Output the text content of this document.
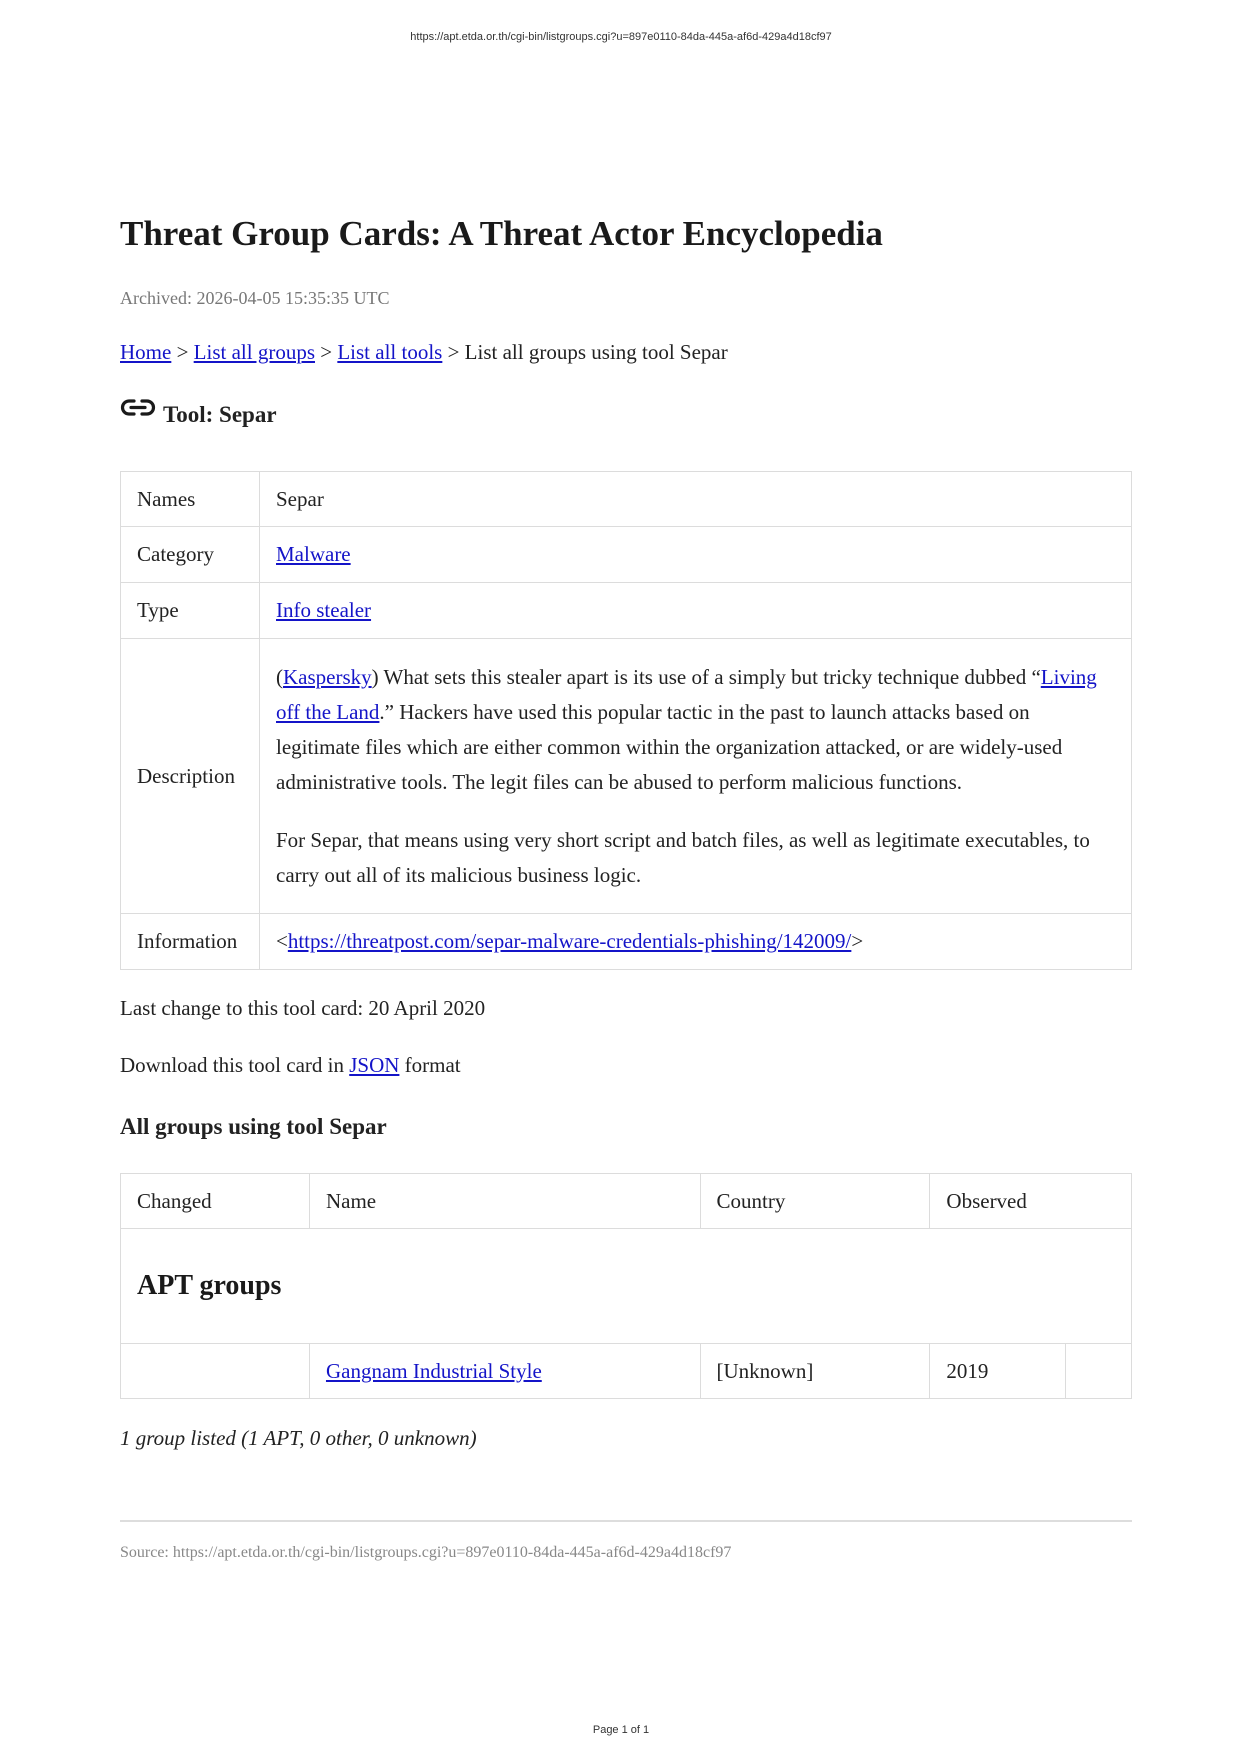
https://apt.etda.or.th/cgi-bin/listgroups.cgi?u=897e0110-84da-445a-af6d-429a4d18cf97
Threat Group Cards: A Threat Actor Encyclopedia
Archived: 2026-04-05 15:35:35 UTC
Home > List all groups > List all tools > List all groups using tool Separ
Tool: Separ
Names	Separ
Category	Malware
Type	Info stealer
Description	(Kaspersky) What sets this stealer apart is its use of a simply but tricky technique dubbed “Living off the Land.” Hackers have used this popular tactic in the past to launch attacks based on legitimate files which are either common within the organization attacked, or are widely-used administrative tools. The legit files can be abused to perform malicious functions.

For Separ, that means using very short script and batch files, as well as legitimate executables, to carry out all of its malicious business logic.

Information	<https://threatpost.com/separ-malware-credentials-phishing/142009/>
Last change to this tool card: 20 April 2020
Download this tool card in JSON format
All groups using tool Separ
Changed	Name	Country	Observed	
APT groups				
	Gangnam Industrial Style	[Unknown]	2019	
1 group listed (1 APT, 0 other, 0 unknown)
Source: https://apt.etda.or.th/cgi-bin/listgroups.cgi?u=897e0110-84da-445a-af6d-429a4d18cf97
Page 1 of 1
